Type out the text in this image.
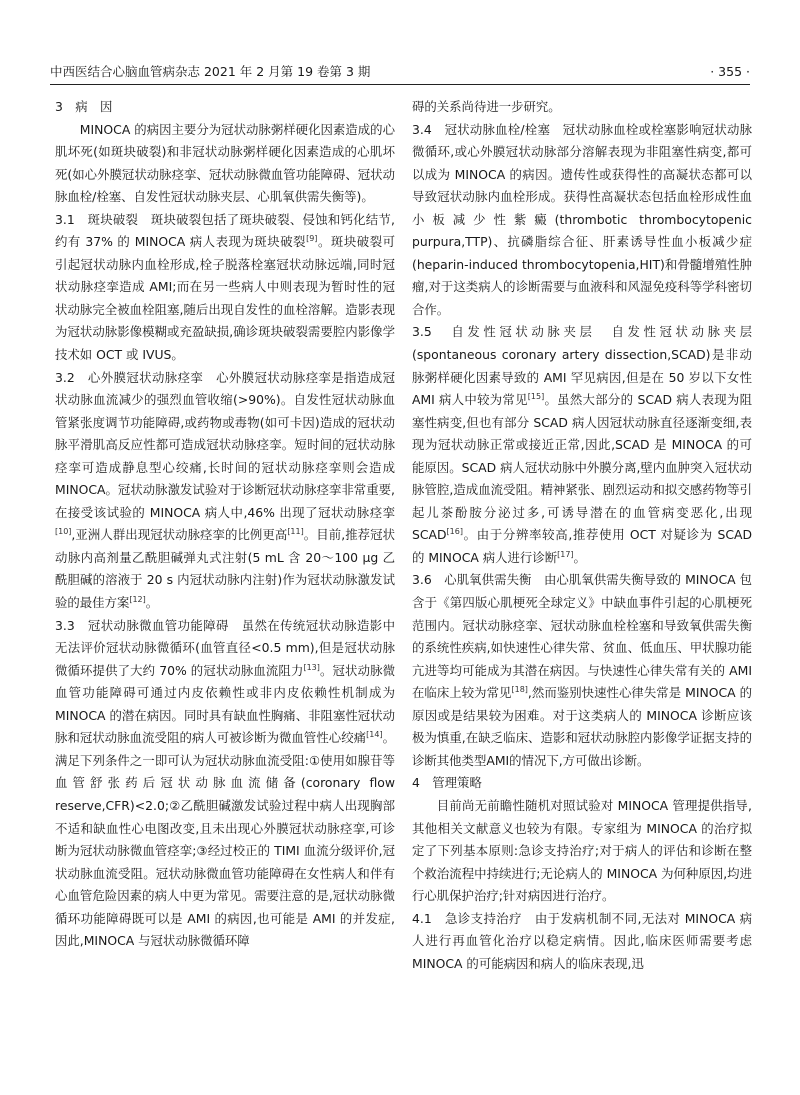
中西医结合心脑血管病杂志 2021 年 2 月第 19 卷第 3 期	· 355 ·

3　病　因

MINOCA 的病因主要分为冠状动脉粥样硬化因素造成的心肌坏死(如斑块破裂)和非冠状动脉粥样硬化因素造成的心肌坏死(如心外膜冠状动脉痉挛、冠状动脉微血管功能障碍、冠状动脉血栓/栓塞、自发性冠状动脉夹层、心肌氧供需失衡等)。

3.1　斑块破裂　斑块破裂包括了斑块破裂、侵蚀和钙化结节,约有 37% 的 MINOCA 病人表现为斑块破裂[9]。斑块破裂可引起冠状动脉内血栓形成,栓子脱落栓塞冠状动脉远端,同时冠状动脉痉挛造成 AMI;而在另一些病人中则表现为暂时性的冠状动脉完全被血栓阻塞,随后出现自发性的血栓溶解。造影表现为冠状动脉影像模糊或充盈缺损,确诊斑块破裂需要腔内影像学技术如 OCT 或 IVUS。

3.2　心外膜冠状动脉痉挛　心外膜冠状动脉痉挛是指造成冠状动脉血流减少的强烈血管收缩(>90%)。自发性冠状动脉血管紧张度调节功能障碍,或药物或毒物(如可卡因)造成的冠状动脉平滑肌高反应性都可造成冠状动脉痉挛。短时间的冠状动脉痉挛可造成静息型心绞痛,长时间的冠状动脉痉挛则会造成 MINOCA。冠状动脉激发试验对于诊断冠状动脉痉挛非常重要,在接受该试验的 MINOCA 病人中,46% 出现了冠状动脉痉挛[10],亚洲人群出现冠状动脉痉挛的比例更高[11]。目前,推荐冠状动脉内高剂量乙酰胆碱弹丸式注射(5 mL 含 20～100 μg 乙酰胆碱的溶液于 20 s 内冠状动脉内注射)作为冠状动脉激发试验的最佳方案[12]。

3.3　冠状动脉微血管功能障碍　虽然在传统冠状动脉造影中无法评价冠状动脉微循环(血管直径<0.5 mm),但是冠状动脉微循环提供了大约 70% 的冠状动脉血流阻力[13]。冠状动脉微血管功能障碍可通过内皮依赖性或非内皮依赖性机制成为 MINOCA 的潜在病因。同时具有缺血性胸痛、非阻塞性冠状动脉和冠状动脉血流受阻的病人可被诊断为微血管性心绞痛[14]。满足下列条件之一即可认为冠状动脉血流受阻:①使用如腺苷等血管舒张药后冠状动脉血流储备(coronary flow reserve,CFR)<2.0;②乙酰胆碱激发试验过程中病人出现胸部不适和缺血性心电图改变,且未出现心外膜冠状动脉痉挛,可诊断为冠状动脉微血管痉挛;③经过校正的 TIMI 血流分级评价,冠状动脉血流受阻。冠状动脉微血管功能障碍在女性病人和伴有心血管危险因素的病人中更为常见。需要注意的是,冠状动脉微循环功能障碍既可以是 AMI 的病因,也可能是 AMI 的并发症,因此,MINOCA 与冠状动脉微循环障

碍的关系尚待进一步研究。

3.4　冠状动脉血栓/栓塞　冠状动脉血栓或栓塞影响冠状动脉微循环,或心外膜冠状动脉部分溶解表现为非阻塞性病变,都可以成为 MINOCA 的病因。遗传性或获得性的高凝状态都可以导致冠状动脉内血栓形成。获得性高凝状态包括血栓形成性血小板减少性紫癜(thrombotic thrombocytopenic purpura,TTP)、抗磷脂综合征、肝素诱导性血小板减少症(heparin-induced thrombocytopenia,HIT)和骨髓增殖性肿瘤,对于这类病人的诊断需要与血液科和风湿免疫科等学科密切合作。

3.5　自发性冠状动脉夹层　自发性冠状动脉夹层(spontaneous coronary artery dissection,SCAD)是非动脉粥样硬化因素导致的 AMI 罕见病因,但是在 50 岁以下女性 AMI 病人中较为常见[15]。虽然大部分的 SCAD 病人表现为阻塞性病变,但也有部分 SCAD 病人因冠状动脉直径逐渐变细,表现为冠状动脉正常或接近正常,因此,SCAD 是 MINOCA 的可能原因。SCAD 病人冠状动脉中外膜分离,壁内血肿突入冠状动脉管腔,造成血流受阻。精神紧张、剧烈运动和拟交感药物等引起儿茶酚胺分泌过多,可诱导潜在的血管病变恶化,出现 SCAD[16]。由于分辨率较高,推荐使用 OCT 对疑诊为 SCAD 的 MINOCA 病人进行诊断[17]。

3.6　心肌氧供需失衡　由心肌氧供需失衡导致的 MINOCA 包含于《第四版心肌梗死全球定义》中缺血事件引起的心肌梗死范围内。冠状动脉痉挛、冠状动脉血栓栓塞和导致氧供需失衡的系统性疾病,如快速性心律失常、贫血、低血压、甲状腺功能亢进等均可能成为其潜在病因。与快速性心律失常有关的 AMI 在临床上较为常见[18],然而鉴别快速性心律失常是 MINOCA 的原因或是结果较为困难。对于这类病人的 MINOCA 诊断应该极为慎重,在缺乏临床、造影和冠状动脉腔内影像学证据支持的诊断其他类型AMI的情况下,方可做出诊断。

4　管理策略

目前尚无前瞻性随机对照试验对 MINOCA 管理提供指导,其他相关文献意义也较为有限。专家组为 MINOCA 的治疗拟定了下列基本原则:急诊支持治疗;对于病人的评估和诊断在整个救治流程中持续进行;无论病人的 MINOCA 为何种原因,均进行心肌保护治疗;针对病因进行治疗。

4.1　急诊支持治疗　由于发病机制不同,无法对 MINOCA 病人进行再血管化治疗以稳定病情。因此,临床医师需要考虑 MINOCA 的可能病因和病人的临床表现,迅
